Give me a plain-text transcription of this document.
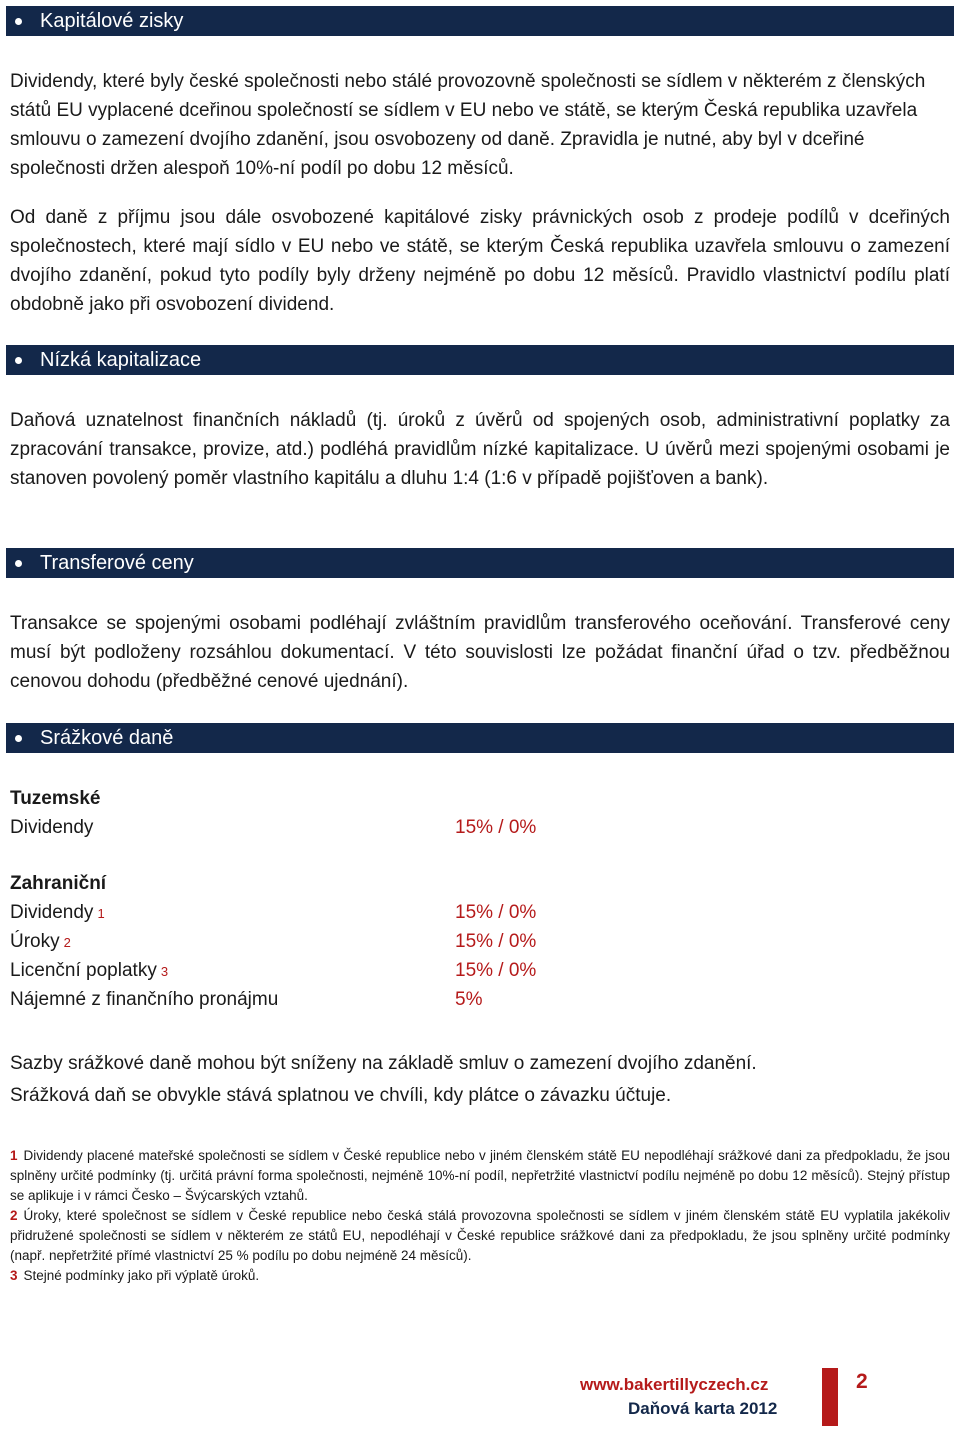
Kapitálové zisky

Dividendy, které byly české společnosti nebo stálé provozovně společnosti se sídlem v některém z členských států EU vyplacené dceřinou společností se sídlem v EU nebo ve státě, se kterým Česká republika uzavřela smlouvu o zamezení dvojího zdanění, jsou osvobozeny od daně. Zpravidla je nutné, aby byl v dceřiné společnosti držen alespoň 10%-ní podíl po dobu 12 měsíců.

Od daně z příjmu jsou dále osvobozené kapitálové zisky právnických osob z prodeje podílů v dceřiných společnostech, které mají sídlo v EU nebo ve státě, se kterým Česká republika uzavřela smlouvu o zamezení dvojího zdanění, pokud tyto podíly byly drženy nejméně po dobu 12 měsíců. Pravidlo vlastnictví podílu platí obdobně jako při osvobození dividend.

Nízká kapitalizace

Daňová uznatelnost finančních nákladů (tj. úroků z úvěrů od spojených osob, administrativní poplatky za zpracování transakce, provize, atd.) podléhá pravidlům nízké kapitalizace. U úvěrů mezi spojenými osobami je stanoven povolený poměr vlastního kapitálu a dluhu 1:4 (1:6 v případě pojišťoven a bank).

Transferové ceny

Transakce se spojenými osobami podléhají zvláštním pravidlům transferového oceňování. Transferové ceny musí být podloženy rozsáhlou dokumentací. V této souvislosti lze požádat finanční úřad o tzv. předběžnou cenovou dohodu (předběžné cenové ujednání).

Srážkové daně
Tuzemské
Dividendy	15% / 0%
Zahraniční
Dividendy 1	15% / 0%
Úroky 2	15% / 0%
Licenční poplatky 3	15% / 0%
Nájemné z finančního pronájmu	5%

Sazby srážkové daně mohou být sníženy na základě smluv o zamezení dvojího zdanění.

Srážková daň se obvykle stává splatnou ve chvíli, kdy plátce o závazku účtuje.

1 Dividendy placené mateřské společnosti se sídlem v České republice nebo v jiném členském státě EU nepodléhají srážkové dani za předpokladu, že jsou splněny určité podmínky (tj. určitá právní forma společnosti, nejméně 10%-ní podíl, nepřetržité vlastnictví podílu nejméně po dobu 12 měsíců). Stejný přístup se aplikuje i v rámci Česko – Švýcarských vztahů.

2 Úroky, které společnost se sídlem v České republice nebo česká stálá provozovna společnosti se sídlem v jiném členském státě EU vyplatila jakékoliv přidružené společnosti se sídlem v některém ze států EU, nepodléhají v České republice srážkové dani za předpokladu, že jsou splněny určité podmínky (např. nepřetržité přímé vlastnictví 25 % podílu po dobu nejméně 24 měsíců).

3 Stejné podmínky jako při výplatě úroků.

www.bakertillyczech.cz
Daňová karta 2012
2
